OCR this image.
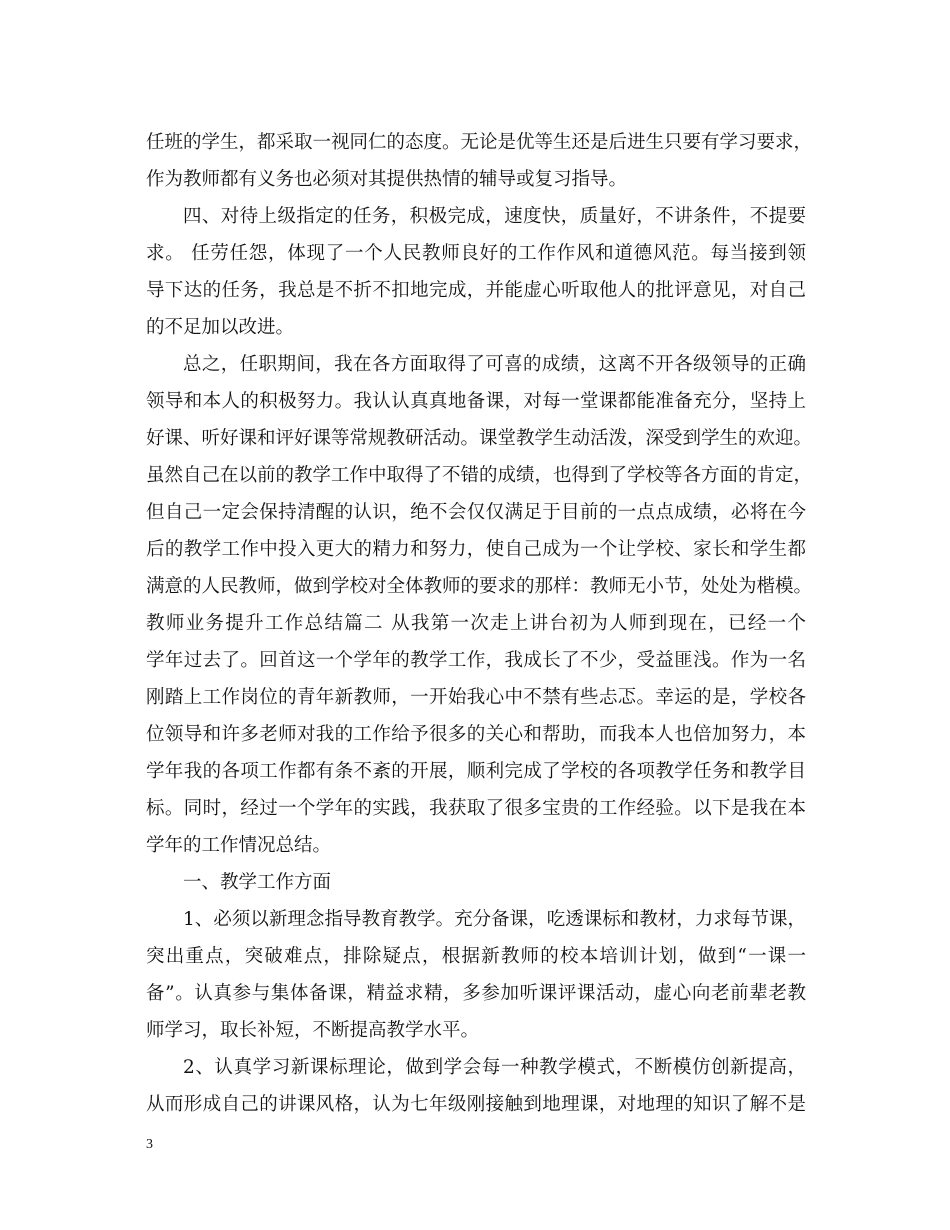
任班的学生，都采取一视同仁的态度。无论是优等生还是后进生只要有学习要求，
作为教师都有义务也必须对其提供热情的辅导或复习指导。
四、对待上级指定的任务，积极完成，速度快，质量好，不讲条件，不提要
求。 任劳任怨，体现了一个人民教师良好的工作作风和道德风范。每当接到领
导下达的任务，我总是不折不扣地完成，并能虚心听取他人的批评意见，对自己
的不足加以改进。
总之，任职期间，我在各方面取得了可喜的成绩，这离不开各级领导的正确
领导和本人的积极努力。我认认真真地备课，对每一堂课都能准备充分，坚持上
好课、听好课和评好课等常规教研活动。课堂教学生动活泼，深受到学生的欢迎。
虽然自己在以前的教学工作中取得了不错的成绩，也得到了学校等各方面的肯定，
但自己一定会保持清醒的认识，绝不会仅仅满足于目前的一点点成绩，必将在今
后的教学工作中投入更大的精力和努力，使自己成为一个让学校、家长和学生都
满意的人民教师，做到学校对全体教师的要求的那样：教师无小节，处处为楷模。
教师业务提升工作总结篇二 从我第一次走上讲台初为人师到现在，已经一个
学年过去了。回首这一个学年的教学工作，我成长了不少，受益匪浅。作为一名
刚踏上工作岗位的青年新教师，一开始我心中不禁有些忐忑。幸运的是，学校各
位领导和许多老师对我的工作给予很多的关心和帮助，而我本人也倍加努力，本
学年我的各项工作都有条不紊的开展，顺利完成了学校的各项教学任务和教学目
标。同时，经过一个学年的实践，我获取了很多宝贵的工作经验。以下是我在本
学年的工作情况总结。
一、教学工作方面
1、必须以新理念指导教育教学。充分备课，吃透课标和教材，力求每节课，
突出重点，突破难点，排除疑点，根据新教师的校本培训计划，做到“一课一
备”。认真参与集体备课，精益求精，多参加听课评课活动，虚心向老前辈老教
师学习，取长补短，不断提高教学水平。
2、认真学习新课标理论，做到学会每一种教学模式，不断模仿创新提高，
从而形成自己的讲课风格，认为七年级刚接触到地理课，对地理的知识了解不是
3
